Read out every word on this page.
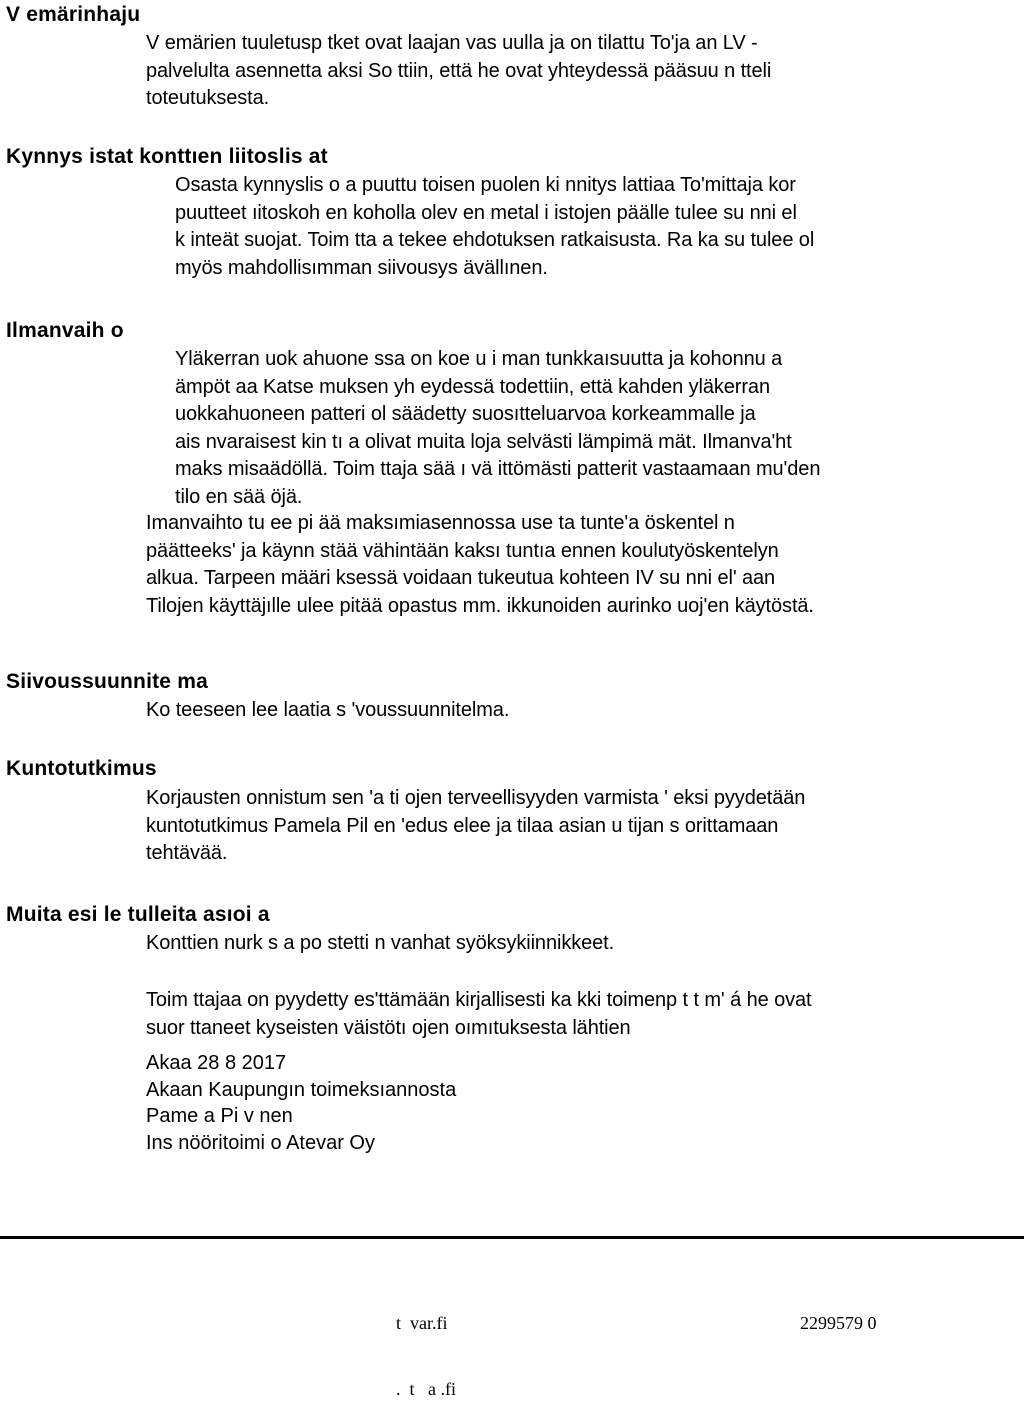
V emärinhaju
V emärien tuuletusp tket ovat laajan vas uulla ja on tilattu To'ja an LV -
palvelulta asennetta aksi So ttiin, että he ovat yhteydessä pääsuu n tteli
toteutuksesta.
Kynnys istat konttıen liitoslis at
Osasta kynnyslis o a puuttu toisen puolen ki nnitys lattiaa To'mittaja kor
puutteet ıitoskoh en koholla olev en metal i istojen päälle tulee su nni el
k inteät suojat. Toim tta a tekee ehdotuksen ratkaisusta. Ra ka su tulee ol
myös mahdollisımman siivousys ävällınen.
Ilmanvaih o
Yläkerran uok ahuone ssa on koe u i man tunkkaısuutta ja kohonnu a
ämpöt aa Katse muksen yh eydessä todettiin, että kahden yläkerran
uokkahuoneen patteri ol säädetty suosıtteluarvoa korkeammalle ja
ais nvaraisest kin tı a olivat muita loja selvästi lämpimä mät. Ilmanva'ht
maks misaädöllä. Toim ttaja sää ı vä ittömästi patterit vastaamaan mu'den
tilo en sää öjä.
Imanvaihto tu ee pi ää maksımiasennossa use ta tunte'a öskentel n
päätteeks' ja käynn stää vähintään kaksı tuntıa ennen koulutyöskentelyn
alkua. Tarpeen määri ksessä voidaan tukeutua kohteen IV su nni el' aan
Tilojen käyttäjılle ulee pitää opastus mm. ikkunoiden aurinko uoj'en käytöstä.
Siivoussuunnite ma
Ko teeseen lee laatia s 'voussuunnitelma.
Kuntotutkimus
Korjausten onnistum sen 'a ti ojen terveellisyyden varmista ' eksi pyydetään
kuntotutkimus Pamela Pil en 'edus elee ja tilaa asian u tijan s orittamaan
tehtävää.
Muita esi le tulleita asıoi a
Konttien nurk s a po stetti n vanhat syöksykiinnikkeet.
Toim ttajaa on pyydetty es'ttämään kirjallisesti ka kki toimenp t t m' á he ovat
suor ttaneet kyseisten väistötı ojen oımıtuksesta lähtien
Akaa 28 8 2017
Akaan Kaupungın toimeksıannosta
Pame a Pi v nen
Ins nööritoimi o Atevar Oy

t  var.fi

.  t   a .fi

2299579 0
